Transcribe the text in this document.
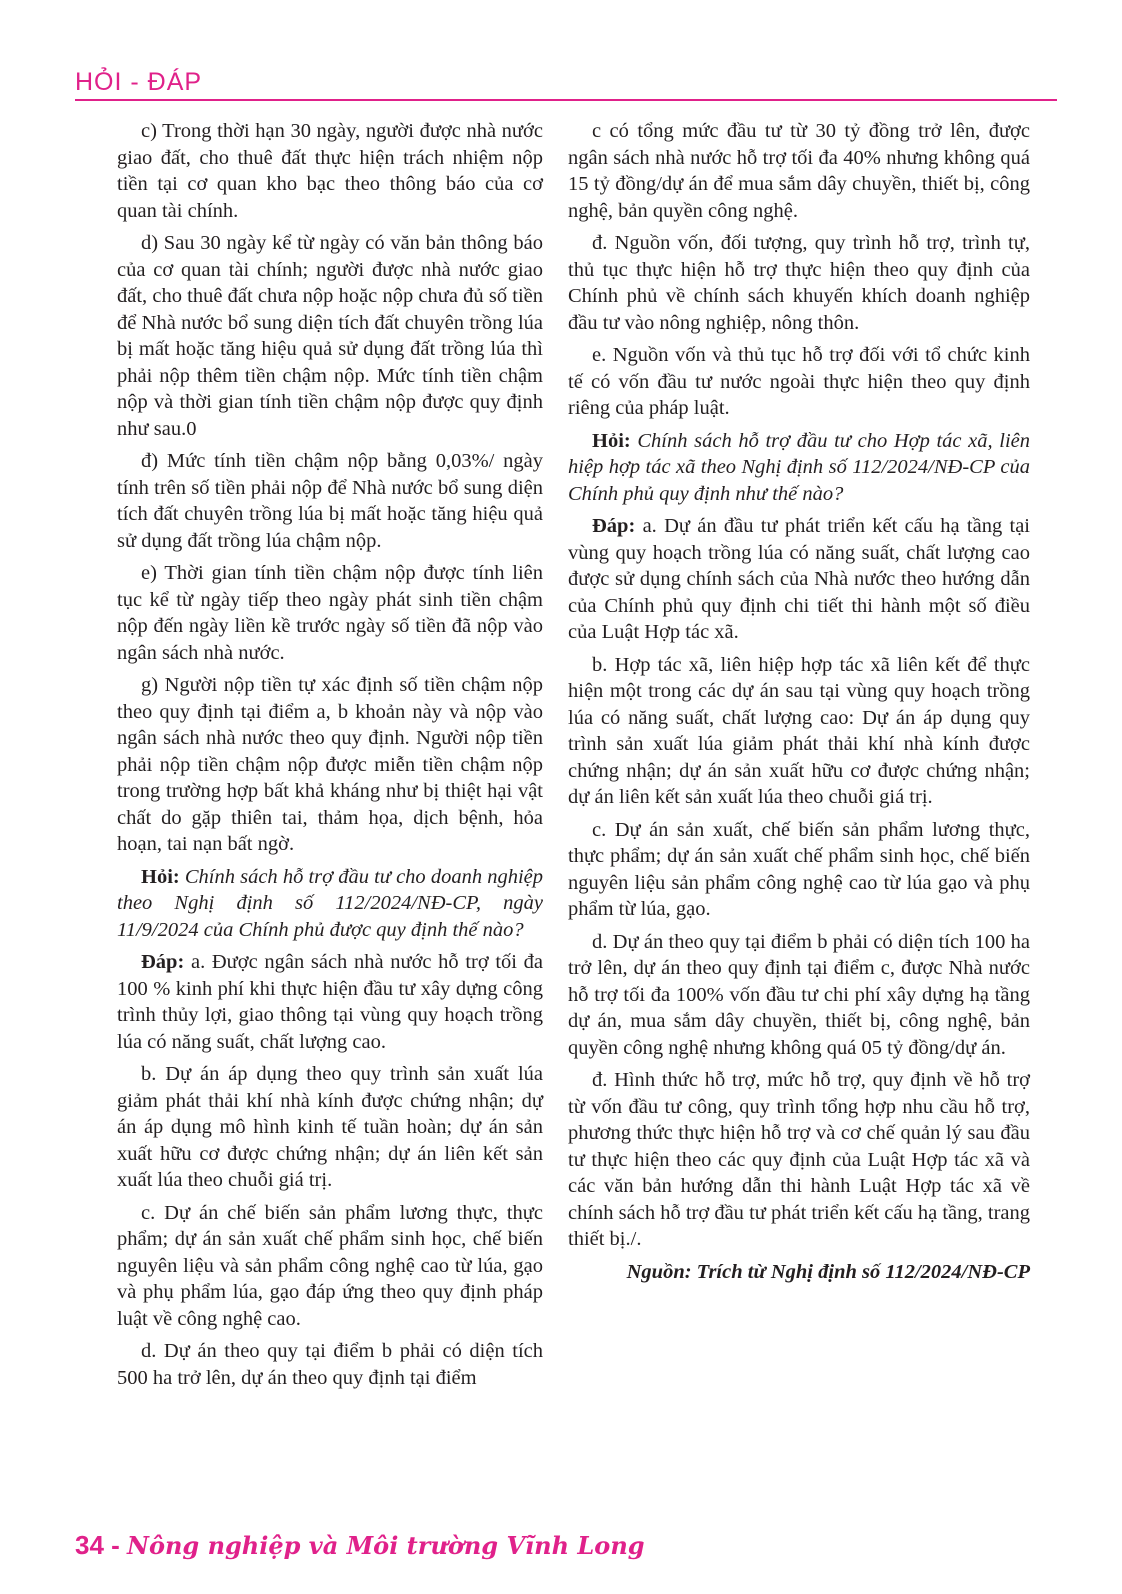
HỎI - ĐÁP

c) Trong thời hạn 30 ngày, người được nhà nước giao đất, cho thuê đất thực hiện trách nhiệm nộp tiền tại cơ quan kho bạc theo thông báo của cơ quan tài chính.

d) Sau 30 ngày kể từ ngày có văn bản thông báo của cơ quan tài chính; người được nhà nước giao đất, cho thuê đất chưa nộp hoặc nộp chưa đủ số tiền để Nhà nước bổ sung diện tích đất chuyên trồng lúa bị mất hoặc tăng hiệu quả sử dụng đất trồng lúa thì phải nộp thêm tiền chậm nộp. Mức tính tiền chậm nộp và thời gian tính tiền chậm nộp được quy định như sau.0

đ) Mức tính tiền chậm nộp bằng 0,03%/ ngày tính trên số tiền phải nộp để Nhà nước bổ sung diện tích đất chuyên trồng lúa bị mất hoặc tăng hiệu quả sử dụng đất trồng lúa chậm nộp.

e) Thời gian tính tiền chậm nộp được tính liên tục kể từ ngày tiếp theo ngày phát sinh tiền chậm nộp đến ngày liền kề trước ngày số tiền đã nộp vào ngân sách nhà nước.

g) Người nộp tiền tự xác định số tiền chậm nộp theo quy định tại điểm a, b khoản này và nộp vào ngân sách nhà nước theo quy định. Người nộp tiền phải nộp tiền chậm nộp được miễn tiền chậm nộp trong trường hợp bất khả kháng như bị thiệt hại vật chất do gặp thiên tai, thảm họa, dịch bệnh, hỏa hoạn, tai nạn bất ngờ.

Hỏi: Chính sách hỗ trợ đầu tư cho doanh nghiệp theo Nghị định số 112/2024/NĐ-CP, ngày 11/9/2024 của Chính phủ được quy định thế nào?

Đáp: a. Được ngân sách nhà nước hỗ trợ tối đa 100 % kinh phí khi thực hiện đầu tư xây dựng công trình thủy lợi, giao thông tại vùng quy hoạch trồng lúa có năng suất, chất lượng cao.

b. Dự án áp dụng theo quy trình sản xuất lúa giảm phát thải khí nhà kính được chứng nhận; dự án áp dụng mô hình kinh tế tuần hoàn; dự án sản xuất hữu cơ được chứng nhận; dự án liên kết sản xuất lúa theo chuỗi giá trị.

c. Dự án chế biến sản phẩm lương thực, thực phẩm; dự án sản xuất chế phẩm sinh học, chế biến nguyên liệu và sản phẩm công nghệ cao từ lúa, gạo và phụ phẩm lúa, gạo đáp ứng theo quy định pháp luật về công nghệ cao.

d. Dự án theo quy tại điểm b phải có diện tích 500 ha trở lên, dự án theo quy định tại điểm

c có tổng mức đầu tư từ 30 tỷ đồng trở lên, được ngân sách nhà nước hỗ trợ tối đa 40% nhưng không quá 15 tỷ đồng/dự án để mua sắm dây chuyền, thiết bị, công nghệ, bản quyền công nghệ.

đ. Nguồn vốn, đối tượng, quy trình hỗ trợ, trình tự, thủ tục thực hiện hỗ trợ thực hiện theo quy định của Chính phủ về chính sách khuyến khích doanh nghiệp đầu tư vào nông nghiệp, nông thôn.

e. Nguồn vốn và thủ tục hỗ trợ đối với tổ chức kinh tế có vốn đầu tư nước ngoài thực hiện theo quy định riêng của pháp luật.

Hỏi: Chính sách hỗ trợ đầu tư cho Hợp tác xã, liên hiệp hợp tác xã theo Nghị định số 112/2024/NĐ-CP của Chính phủ quy định như thế nào?

Đáp: a. Dự án đầu tư phát triển kết cấu hạ tầng tại vùng quy hoạch trồng lúa có năng suất, chất lượng cao được sử dụng chính sách của Nhà nước theo hướng dẫn của Chính phủ quy định chi tiết thi hành một số điều của Luật Hợp tác xã.

b. Hợp tác xã, liên hiệp hợp tác xã liên kết để thực hiện một trong các dự án sau tại vùng quy hoạch trồng lúa có năng suất, chất lượng cao: Dự án áp dụng quy trình sản xuất lúa giảm phát thải khí nhà kính được chứng nhận; dự án sản xuất hữu cơ được chứng nhận; dự án liên kết sản xuất lúa theo chuỗi giá trị.

c. Dự án sản xuất, chế biến sản phẩm lương thực, thực phẩm; dự án sản xuất chế phẩm sinh học, chế biến nguyên liệu sản phẩm công nghệ cao từ lúa gạo và phụ phẩm từ lúa, gạo.

d. Dự án theo quy tại điểm b phải có diện tích 100 ha trở lên, dự án theo quy định tại điểm c, được Nhà nước hỗ trợ tối đa 100% vốn đầu tư chi phí xây dựng hạ tầng dự án, mua sắm dây chuyền, thiết bị, công nghệ, bản quyền công nghệ nhưng không quá 05 tỷ đồng/dự án.

đ. Hình thức hỗ trợ, mức hỗ trợ, quy định về hỗ trợ từ vốn đầu tư công, quy trình tổng hợp nhu cầu hỗ trợ, phương thức thực hiện hỗ trợ và cơ chế quản lý sau đầu tư thực hiện theo các quy định của Luật Hợp tác xã và các văn bản hướng dẫn thi hành Luật Hợp tác xã về chính sách hỗ trợ đầu tư phát triển kết cấu hạ tầng, trang thiết bị./.

Nguồn: Trích từ Nghị định số 112/2024/NĐ-CP

34 - Nông nghiệp và Môi trường Vĩnh Long
